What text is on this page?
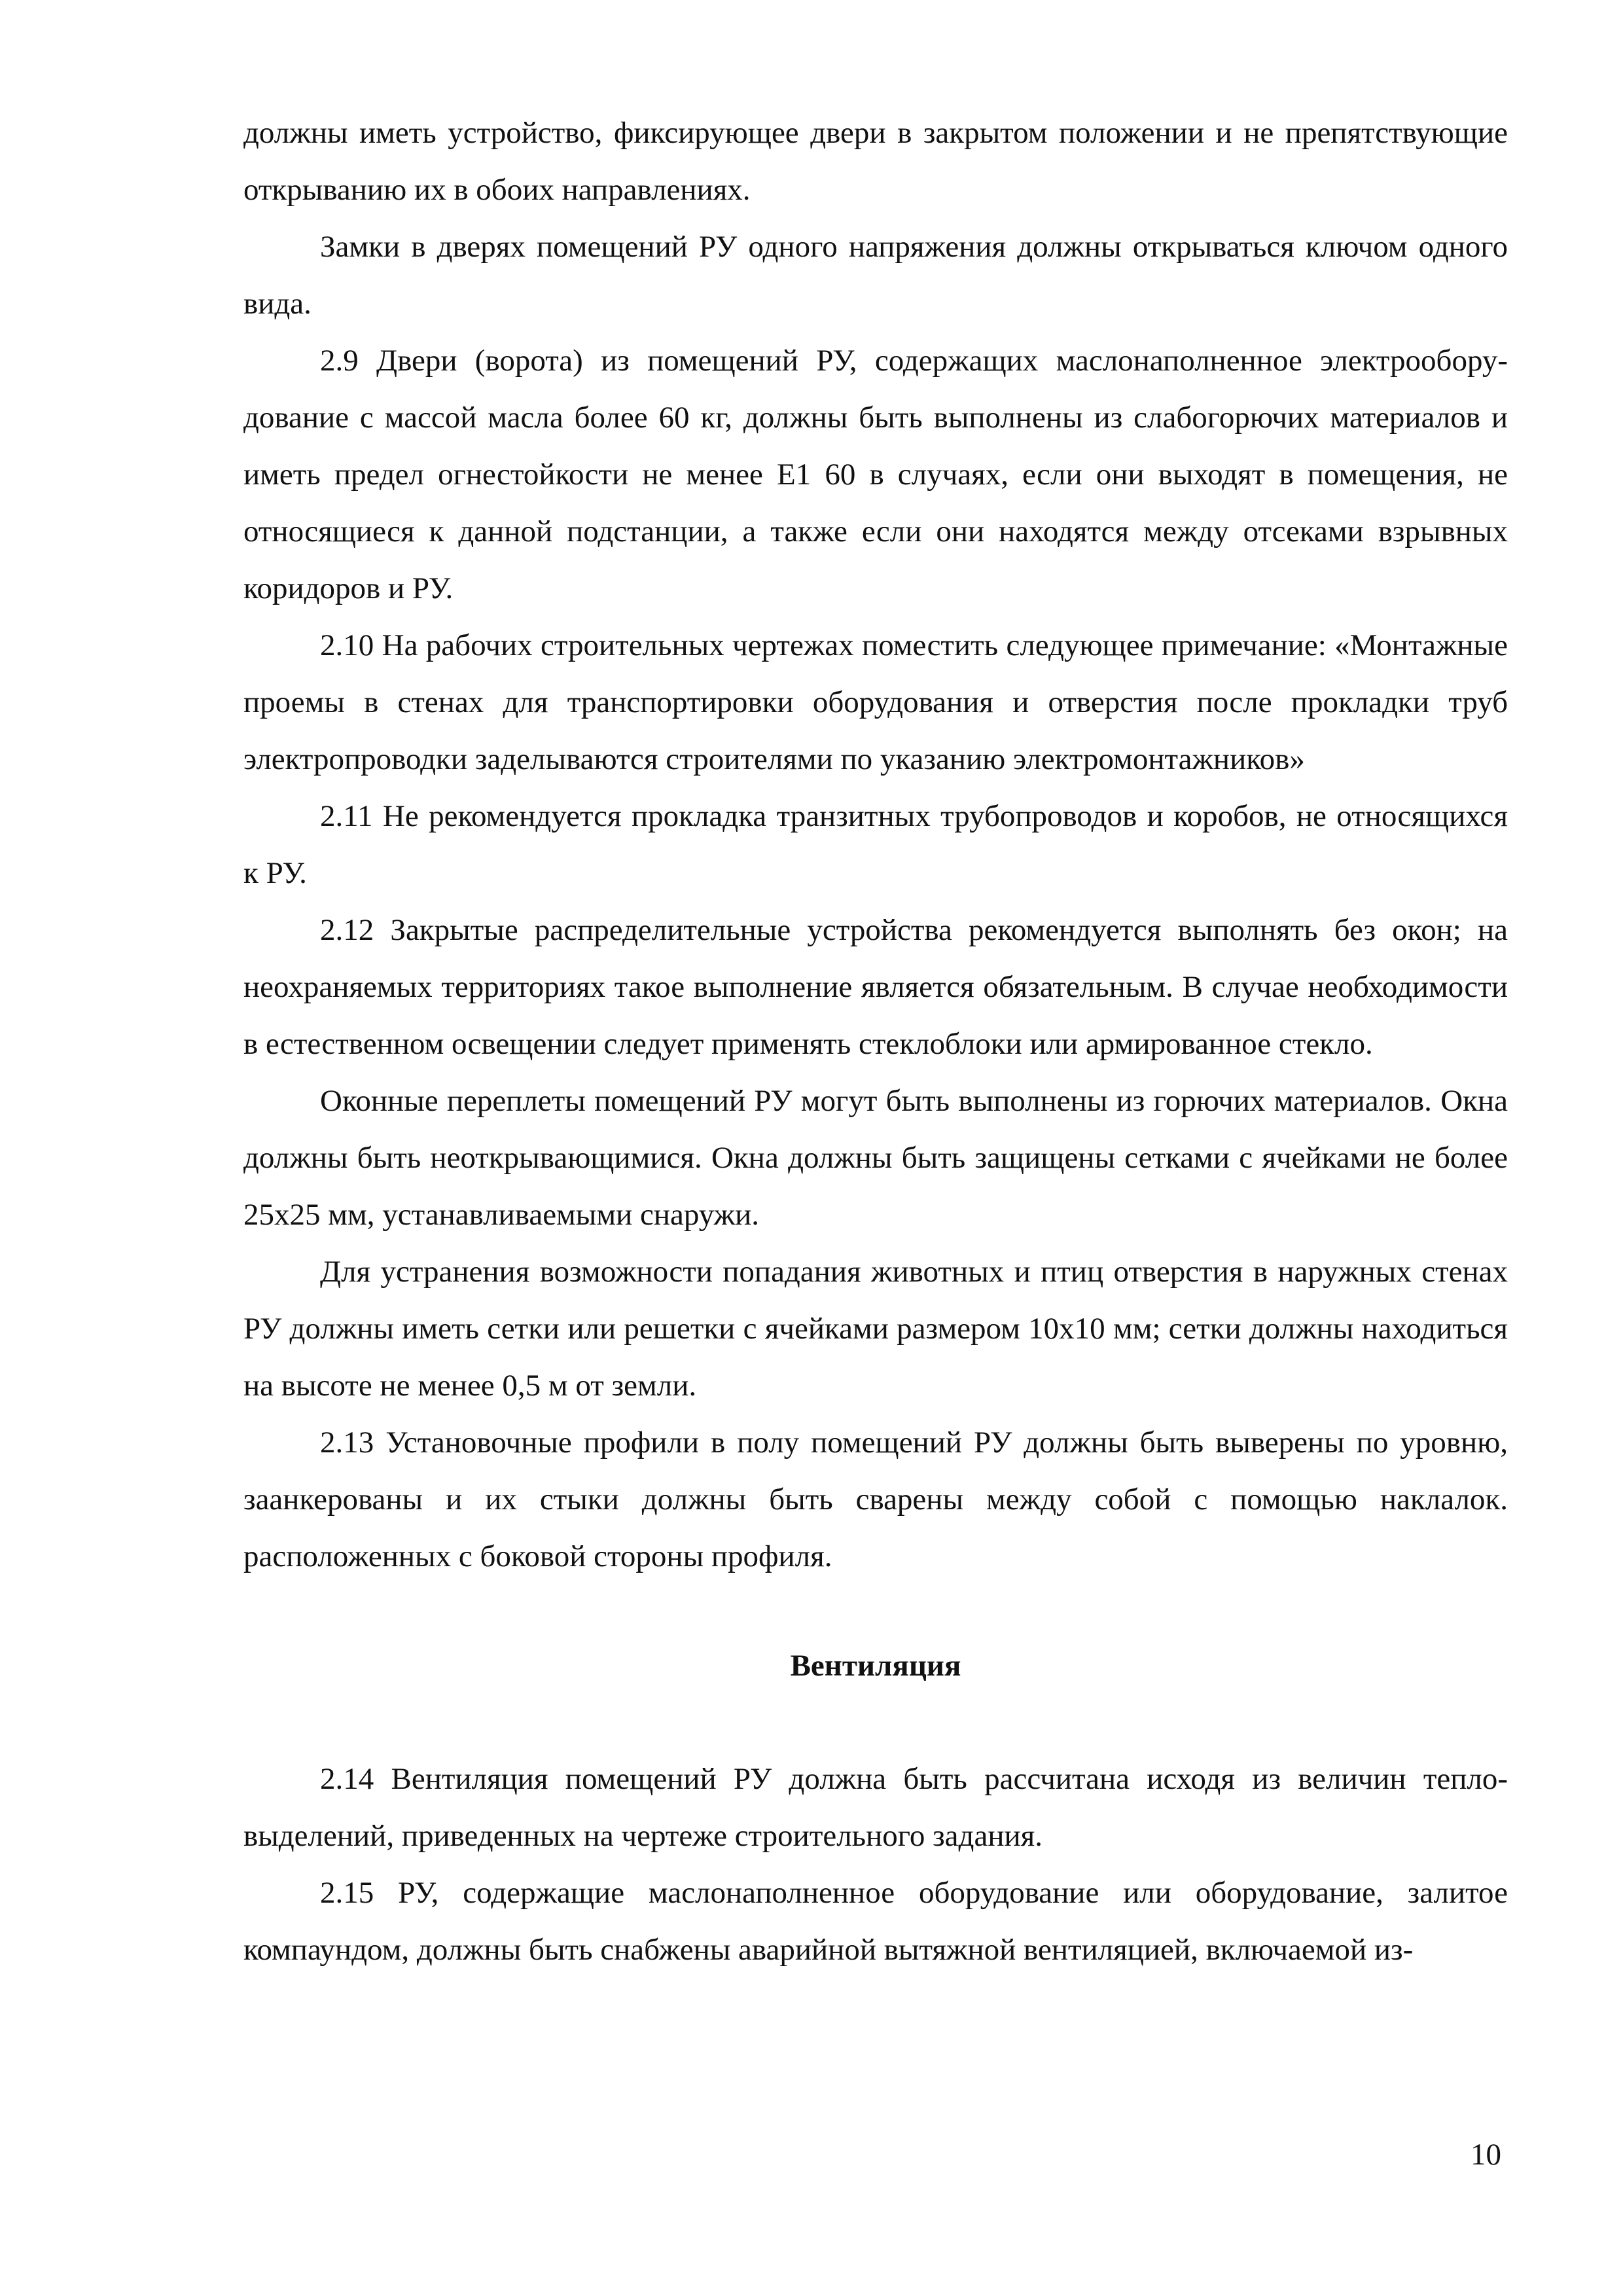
должны иметь устройство, фиксирующее двери в закрытом положении и не препятствующие открыванию их в обоих направлениях.

Замки в дверях помещений РУ одного напряжения должны открываться ключом одного вида.

2.9 Двери (ворота) из помещений РУ, содержащих маслонаполненное электрооборудование с массой масла более 60 кг, должны быть выполнены из слабогорючих материалов и иметь предел огнестойкости не менее E1 60 в случаях, если они выходят в помещения, не относящиеся к данной подстанции, а также если они находятся между отсеками взрывных коридоров и РУ.

2.10 На рабочих строительных чертежах поместить следующее примечание: «Монтажные проемы в стенах для транспортировки оборудования и отверстия после прокладки труб электропроводки заделываются строителями по указанию электромонтажников»

2.11 Не рекомендуется прокладка транзитных трубопроводов и коробов, не относящихся к РУ.

2.12 Закрытые распределительные устройства рекомендуется выполнять без окон; на неохраняемых территориях такое выполнение является обязательным. В случае необходимости в естественном освещении следует применять стеклоблоки или армированное стекло.

Оконные переплеты помещений РУ могут быть выполнены из горючих материалов. Окна должны быть неоткрывающимися. Окна должны быть защищены сетками с ячейками не более 25x25 мм, устанавливаемыми снаружи.

Для устранения возможности попадания животных и птиц отверстия в наружных стенах РУ должны иметь сетки или решетки с ячейками размером 10x10 мм; сетки должны находиться на высоте не менее 0,5 м от земли.

2.13 Установочные профили в полу помещений РУ должны быть выверены по уровню, заанкерованы и их стыки должны быть сварены между собой с помощью наклалок. расположенных с боковой стороны профиля.

Вентиляция

2.14 Вентиляция помещений РУ должна быть рассчитана исходя из величин тепловыделений, приведенных на чертеже строительного задания.

2.15 РУ, содержащие маслонаполненное оборудование или оборудование, залитое компаундом, должны быть снабжены аварийной вытяжной вентиляцией, включаемой из-

10
